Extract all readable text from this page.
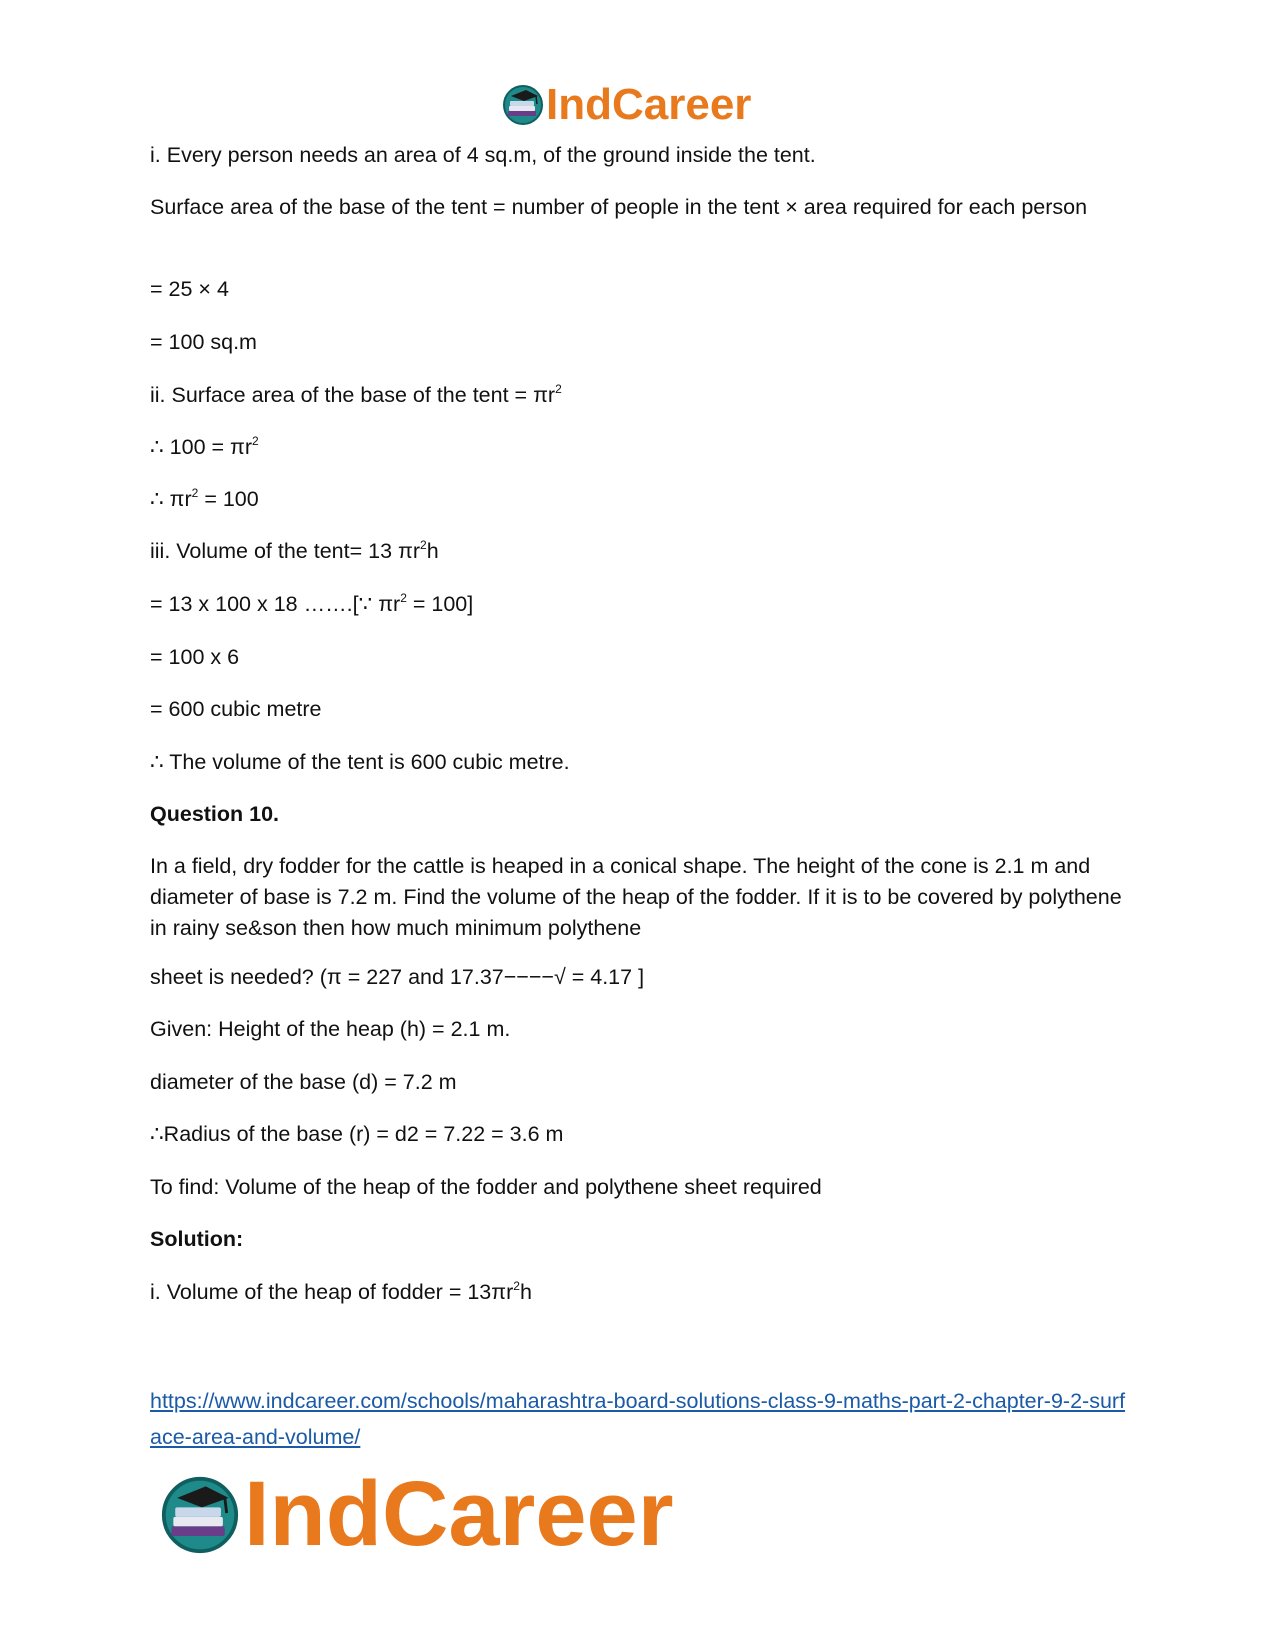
IndCareer
i. Every person needs an area of 4 sq.m, of the ground inside the tent.
Surface area of the base of the tent = number of people in the tent × area required for each person
= 25 × 4
= 100 sq.m
ii. Surface area of the base of the tent = $\pi r^2$
∴ $100 = \pi r^2$
∴ $\pi r^2 = 100$
iii. Volume of the tent= 13 $\pi r^2h$
= 13 x 100 x 18 …….[∵ $\pi r^2 = 100$]
= 100 x 6
= 600 cubic metre
∴ The volume of the tent is 600 cubic metre.
Question 10.
In a field, dry fodder for the cattle is heaped in a conical shape. The height of the cone is 2.1 m and diameter of base is 7.2 m. Find the volume of the heap of the fodder. If it is to be covered by polythene in rainy se&son then how much minimum polythene
sheet is needed? (π = 227 and 17.37−−−−√ = 4.17 ]
Given: Height of the heap (h) = 2.1 m.
diameter of the base (d) = 7.2 m
∴Radius of the base (r) = d2 = 7.22 = 3.6 m
To find: Volume of the heap of the fodder and polythene sheet required
Solution:
i. Volume of the heap of fodder = $13\pi r^2h$
https://www.indcareer.com/schools/maharashtra-board-solutions-class-9-maths-part-2-chapter-9-2-surface-area-and-volume/
IndCareer
